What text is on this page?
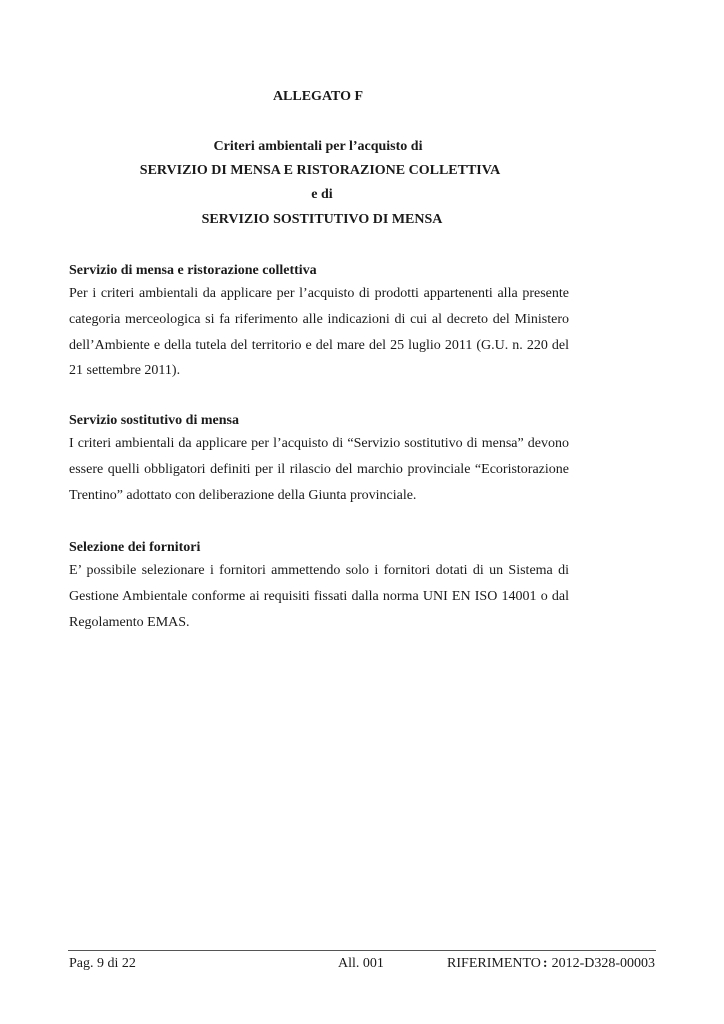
ALLEGATO F
Criteri ambientali per l’acquisto di
SERVIZIO DI MENSA E RISTORAZIONE COLLETTIVA
e di
SERVIZIO SOSTITUTIVO DI MENSA
Servizio di mensa e ristorazione collettiva

Per i criteri ambientali da applicare per l’acquisto di prodotti appartenenti alla presente categoria merceologica si fa riferimento alle indicazioni di cui al decreto del Ministero dell’Ambiente e della tutela del territorio e del mare del 25 luglio 2011 (G.U. n. 220 del 21 settembre 2011).

Servizio sostitutivo di mensa

I criteri ambientali da applicare per l’acquisto di “Servizio sostitutivo di mensa” devono essere quelli obbligatori definiti per il rilascio del marchio provinciale “Ecoristorazione Trentino” adottato con deliberazione della Giunta provinciale.

Selezione dei fornitori

E’ possibile selezionare i fornitori ammettendo solo i fornitori dotati di un Sistema di Gestione Ambientale conforme ai requisiti fissati dalla norma UNI EN ISO 14001 o dal Regolamento EMAS.

Pag. 9 di 22	All. 001	RIFERIMENTO : 2012-D328-00003
